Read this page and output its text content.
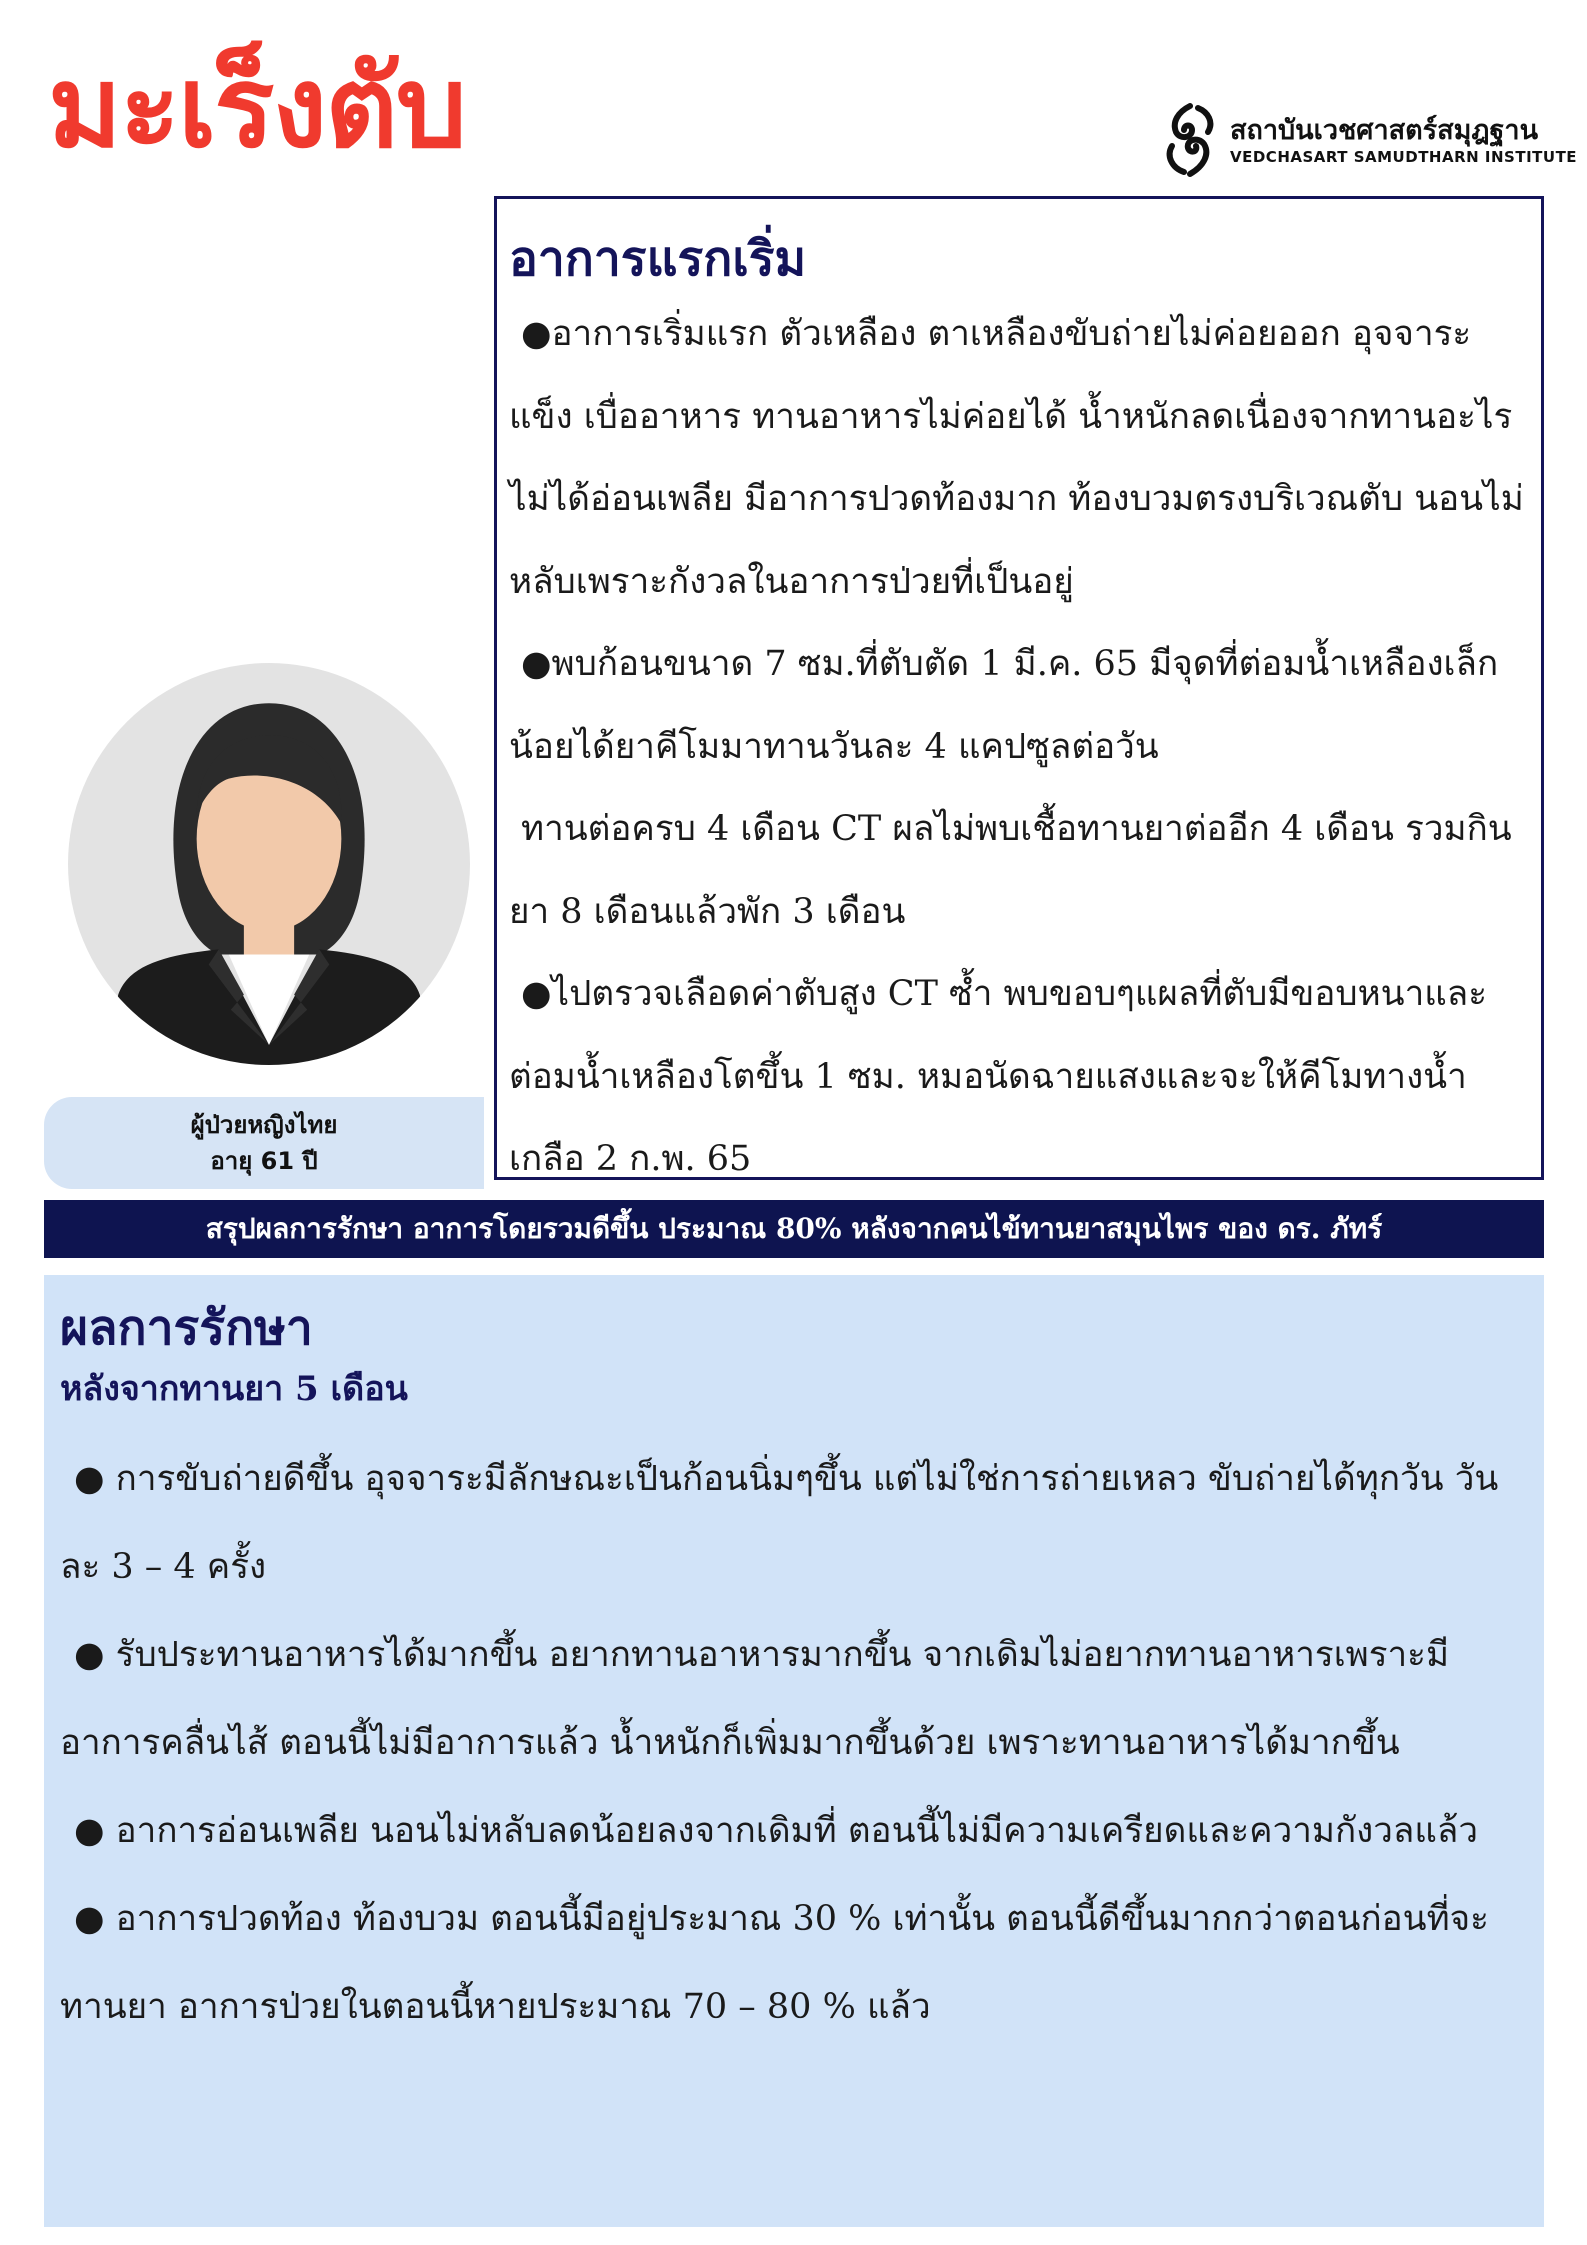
มะเร็งตับ	สถาบันเวชศาสตร์สมุฎฐาน
VEDCHASART SAMUDTHARN INSTITUTE
อาการแรกเริ่ม

●อาการเริ่มแรก ตัวเหลือง ตาเหลืองขับถ่ายไม่ค่อยออก อุจจาระแข็ง เบื่ออาหาร ทานอาหารไม่ค่อยได้ น้ำหนักลดเนื่องจากทานอะไรไม่ได้อ่อนเพลีย มีอาการปวดท้องมาก ท้องบวมตรงบริเวณตับ นอนไม่หลับเพราะกังวลในอาการป่วยที่เป็นอยู่

●พบก้อนขนาด 7 ซม.ที่ตับตัด 1 มี.ค. 65 มีจุดที่ต่อมน้ำเหลืองเล็กน้อยได้ยาคีโมมาทานวันละ 4 แคปซูลต่อวัน

ทานต่อครบ 4 เดือน CT ผลไม่พบเชื้อทานยาต่ออีก 4 เดือน รวมกินยา 8 เดือนแล้วพัก 3 เดือน

●ไปตรวจเลือดค่าตับสูง CT ซ้ำ พบขอบๆแผลที่ตับมีขอบหนาและต่อมน้ำเหลืองโตขึ้น 1 ซม. หมอนัดฉายแสงและจะให้คีโมทางน้ำเกลือ 2 ก.พ. 65

ผู้ป่วยหญิงไทย
อายุ 61 ปี
สรุปผลการรักษา อาการโดยรวมดีขึ้น ประมาณ 80% หลังจากคนไข้ทานยาสมุนไพร ของ ดร. ภัทร์
ผลการรักษา
หลังจากทานยา 5 เดือน

● การขับถ่ายดีขึ้น อุจจาระมีลักษณะเป็นก้อนนิ่มๆขึ้น แต่ไม่ใช่การถ่ายเหลว ขับถ่ายได้ทุกวัน วันละ 3 – 4 ครั้ง

● รับประทานอาหารได้มากขึ้น อยากทานอาหารมากขึ้น จากเดิมไม่อยากทานอาหารเพราะมีอาการคลื่นไส้ ตอนนี้ไม่มีอาการแล้ว น้ำหนักก็เพิ่มมากขึ้นด้วย เพราะทานอาหารได้มากขึ้น

● อาการอ่อนเพลีย นอนไม่หลับลดน้อยลงจากเดิมที่ ตอนนี้ไม่มีความเครียดและความกังวลแล้ว

● อาการปวดท้อง ท้องบวม ตอนนี้มีอยู่ประมาณ 30 % เท่านั้น ตอนนี้ดีขึ้นมากกว่าตอนก่อนที่จะทานยา อาการป่วยในตอนนี้หายประมาณ 70 – 80 % แล้ว
